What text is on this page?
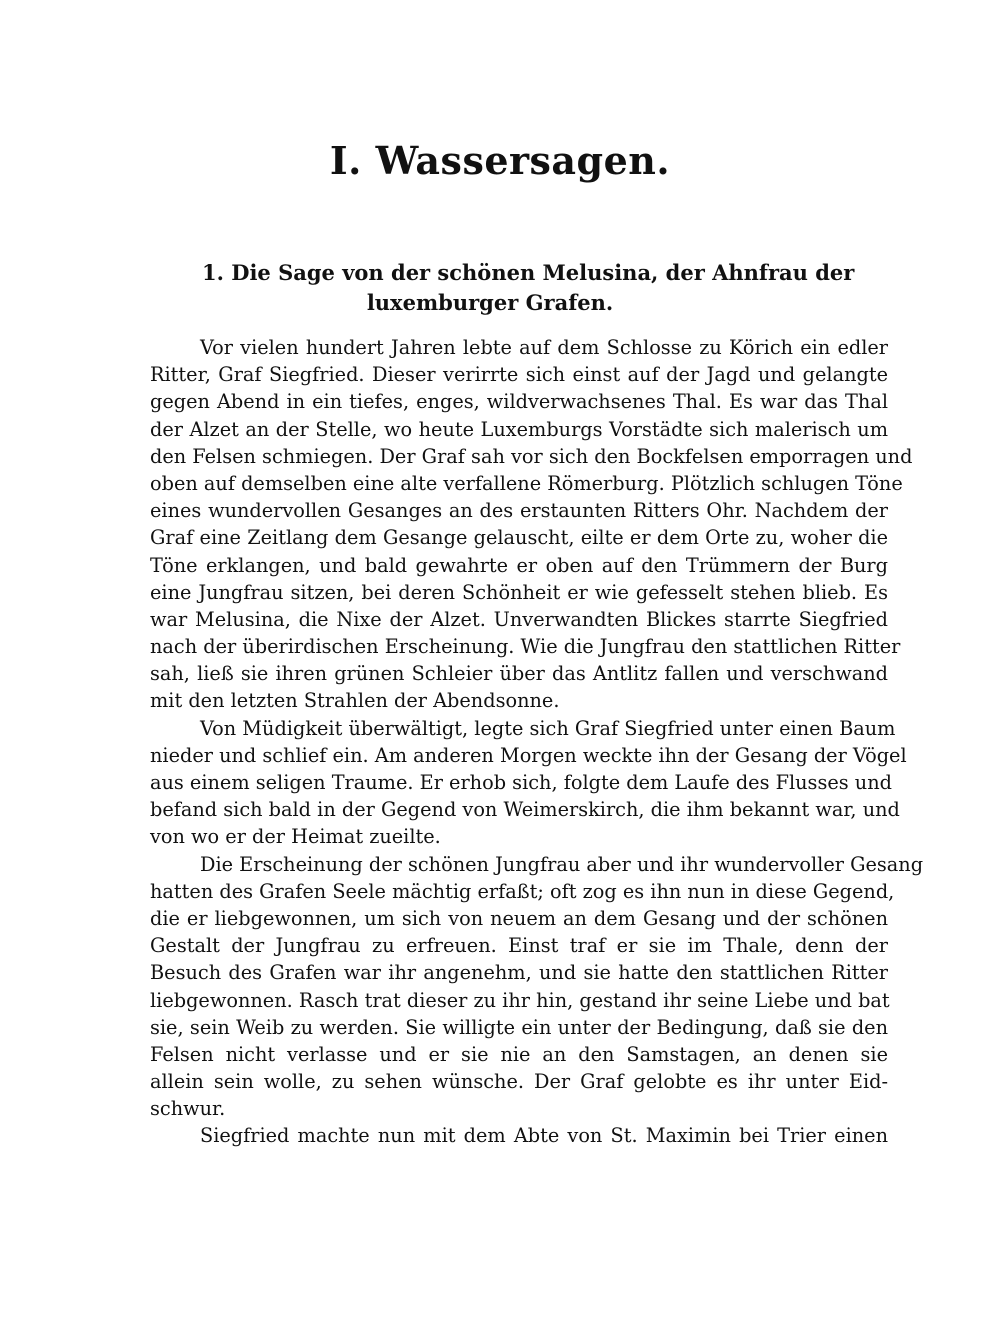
I. Wassersagen.
1. Die Sage von der schönen Melusina, der Ahnfrau der
luxemburger Grafen.
Vor vielen hundert Jahren lebte auf dem Schlosse zu Körich ein edler
Ritter, Graf Siegfried. Dieser verirrte sich einst auf der Jagd und gelangte
gegen Abend in ein tiefes, enges, wildverwachsenes Thal. Es war das Thal
der Alzet an der Stelle, wo heute Luxemburgs Vorstädte sich malerisch um
den Felsen schmiegen. Der Graf sah vor sich den Bockfelsen emporragen und
oben auf demselben eine alte verfallene Römerburg. Plötzlich schlugen Töne
eines wundervollen Gesanges an des erstaunten Ritters Ohr. Nachdem der
Graf eine Zeitlang dem Gesange gelauscht, eilte er dem Orte zu, woher die
Töne erklangen, und bald gewahrte er oben auf den Trümmern der Burg
eine Jungfrau sitzen, bei deren Schönheit er wie gefesselt stehen blieb. Es
war Melusina, die Nixe der Alzet. Unverwandten Blickes starrte Siegfried
nach der überirdischen Erscheinung. Wie die Jungfrau den stattlichen Ritter
sah, ließ sie ihren grünen Schleier über das Antlitz fallen und verschwand
mit den letzten Strahlen der Abendsonne.
Von Müdigkeit überwältigt, legte sich Graf Siegfried unter einen Baum
nieder und schlief ein. Am anderen Morgen weckte ihn der Gesang der Vögel
aus einem seligen Traume. Er erhob sich, folgte dem Laufe des Flusses und
befand sich bald in der Gegend von Weimerskirch, die ihm bekannt war, und
von wo er der Heimat zueilte.
Die Erscheinung der schönen Jungfrau aber und ihr wundervoller Gesang
hatten des Grafen Seele mächtig erfaßt; oft zog es ihn nun in diese Gegend,
die er liebgewonnen, um sich von neuem an dem Gesang und der schönen
Gestalt der Jungfrau zu erfreuen. Einst traf er sie im Thale, denn der
Besuch des Grafen war ihr angenehm, und sie hatte den stattlichen Ritter
liebgewonnen. Rasch trat dieser zu ihr hin, gestand ihr seine Liebe und bat
sie, sein Weib zu werden. Sie willigte ein unter der Bedingung, daß sie den
Felsen nicht verlasse und er sie nie an den Samstagen, an denen sie
allein sein wolle, zu sehen wünsche. Der Graf gelobte es ihr unter Eid-
schwur.
Siegfried machte nun mit dem Abte von St. Maximin bei Trier einen
